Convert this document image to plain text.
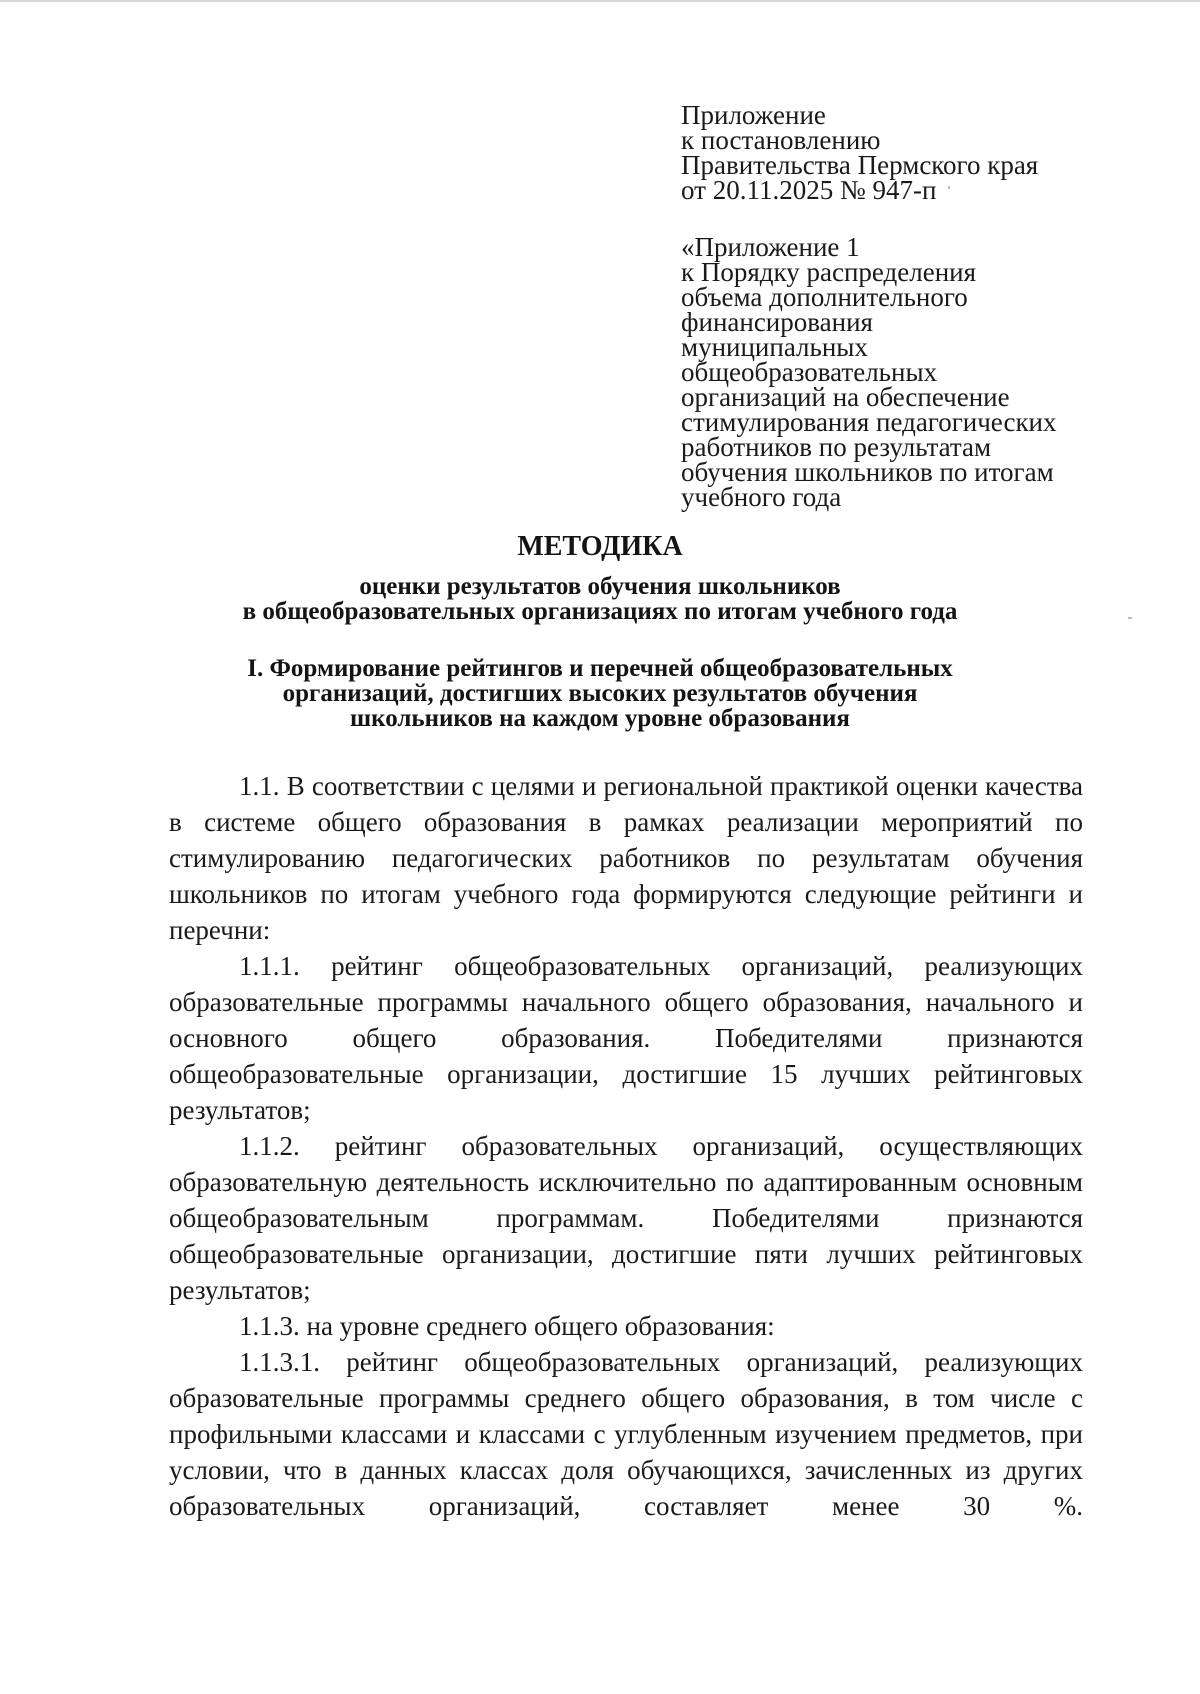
Приложение
к постановлению
Правительства Пермского края
от 20.11.2025 № 947-п
«Приложение 1
к Порядку распределения
объема дополнительного
финансирования
муниципальных
общеобразовательных
организаций на обеспечение
стимулирования педагогических
работников по результатам
обучения школьников по итогам
учебного года
МЕТОДИКА
оценки результатов обучения школьников
в общеобразовательных организациях по итогам учебного года
I. Формирование рейтингов и перечней общеобразовательных
организаций, достигших высоких результатов обучения
школьников на каждом уровне образования

1.1. В соответствии с целями и региональной практикой оценки качества в системе общего образования в рамках реализации мероприятий по стимулированию педагогических работников по результатам обучения школьников по итогам учебного года формируются следующие рейтинги и перечни:

1.1.1. рейтинг общеобразовательных организаций, реализующих образовательные программы начального общего образования, начального и основного общего образования. Победителями признаются общеобразовательные организации, достигшие 15 лучших рейтинговых результатов;

1.1.2. рейтинг образовательных организаций, осуществляющих образовательную деятельность исключительно по адаптированным основным общеобразовательным программам. Победителями признаются общеобразовательные организации, достигшие пяти лучших рейтинговых результатов;

1.1.3. на уровне среднего общего образования:

1.1.3.1. рейтинг общеобразовательных организаций, реализующих образовательные программы среднего общего образования, в том числе с профильными классами и классами с углубленным изучением предметов, при условии, что в данных классах доля обучающихся, зачисленных из других образовательных организаций, составляет менее 30 %.
